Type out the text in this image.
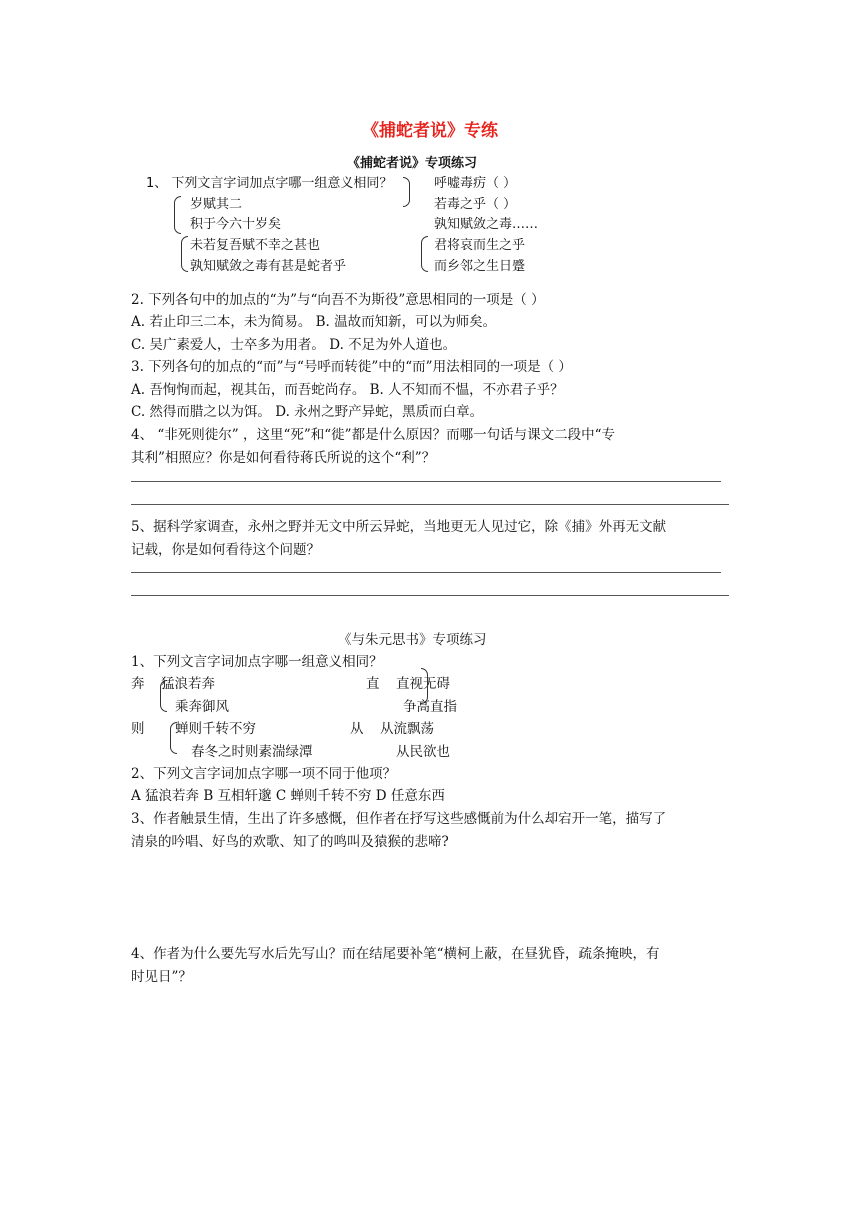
《捕蛇者说》专练
《捕蛇者说》专项练习
1、 下列文言字词加点字哪一组意义相同？	呼嘘毒疠（ ）
若毒之乎（ ）
孰知赋敛之毒……
岁赋其二
积于今六十岁矣
未若复吾赋不幸之甚也
孰知赋敛之毒有甚是蛇者乎
君将哀而生之乎
而乡邻之生日蹙
2. 下列各句中的加点的“为”与“向吾不为斯役”意思相同的一项是（ ）
A. 若止印三二本，未为简易。 B. 温故而知新，可以为师矣。
C. 吴广素爱人，士卒多为用者。 D. 不足为外人道也。
3. 下列各句的加点的“而”与“号呼而转徙”中的“而”用法相同的一项是（ ）
A. 吾恂恂而起，视其缶，而吾蛇尚存。 B. 人不知而不愠，不亦君子乎？
C. 然得而腊之以为饵。 D. 永州之野产异蛇，黑质而白章。
4、 “非死则徙尔” ，这里“死”和“徙”都是什么原因？而哪一句话与课文二段中“专
其利”相照应？你是如何看待蒋氏所说的这个“利”？
5、据科学家调查，永州之野并无文中所云异蛇，当地更无人见过它，除《捕》外再无文献
记载，你是如何看待这个问题？
《与朱元思书》专项练习
1、下列文言字词加点字哪一组意义相同？
奔 猛浪若奔
乘奔御风
直 直视无碍
争高直指
则 蝉则千转不穷
春冬之时则素湍绿潭
从 从流飘荡
从民欲也
2、下列文言字词加点字哪一项不同于他项？
A 猛浪若奔 B 互相轩邈 C 蝉则千转不穷 D 任意东西
3、作者触景生情，生出了许多感慨，但作者在抒写这些感慨前为什么却宕开一笔，描写了
清泉的吟唱、好鸟的欢歌、知了的鸣叫及猿猴的悲啼?
4、作者为什么要先写水后先写山？而在结尾要补笔“横柯上蔽，在昼犹昏，疏条掩映，有
时见日”？
